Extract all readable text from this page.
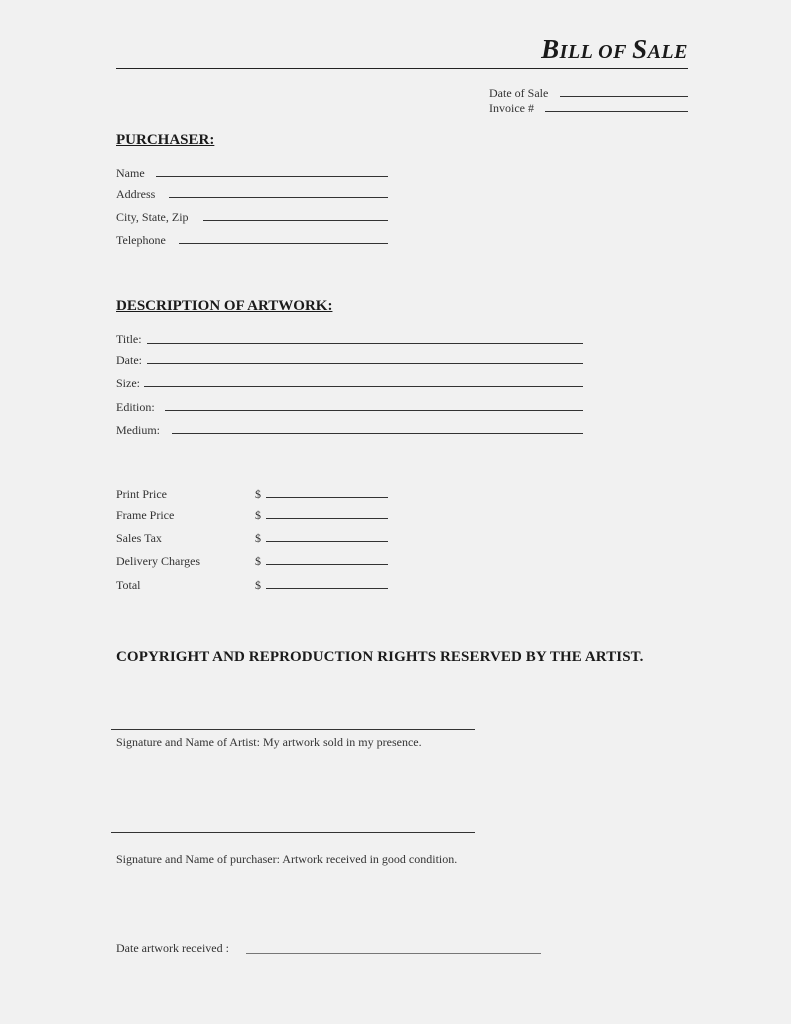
BILL OF SALE
Date of Sale
Invoice #
PURCHASER:
Name
Address
City, State, Zip
Telephone
DESCRIPTION OF ARTWORK:
Title:
Date:
Size:
Edition:
Medium:
Print Price	$
Frame Price	$
Sales Tax	$
Delivery Charges	$
Total	$
COPYRIGHT AND REPRODUCTION RIGHTS RESERVED BY THE ARTIST.
Signature and Name of Artist: My artwork sold in my presence.
Signature and Name of purchaser: Artwork received in good condition.
Date artwork received :
